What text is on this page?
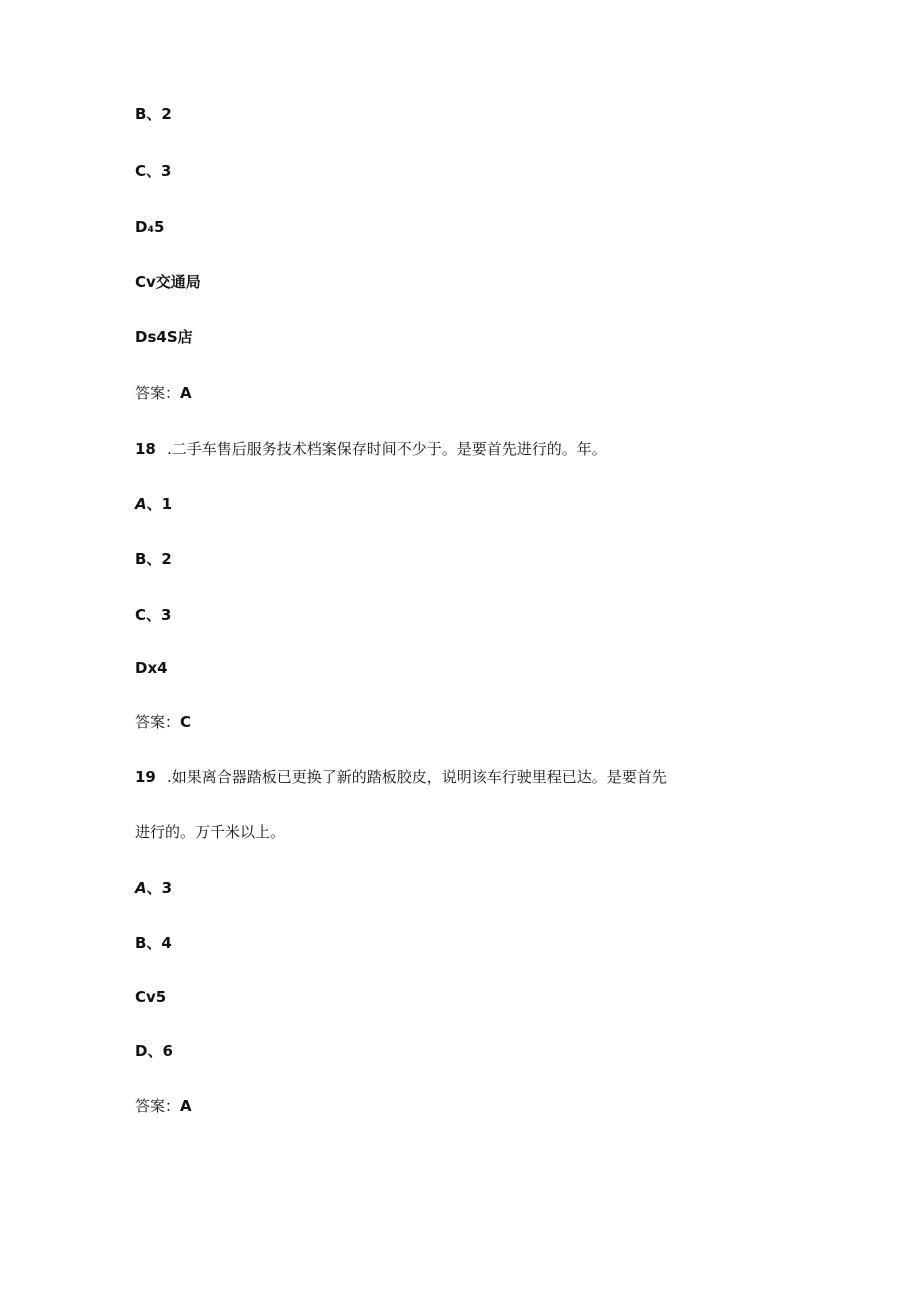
B、2
C、3
D₄5
Cv交通局
Ds4S店
答案：A
18 .二手车售后服务技术档案保存时间不少于。是要首先进行的。年。
A、1
B、2
C、3
Dx4
答案：C
19 .如果离合器踏板已更换了新的踏板胶皮，说明该车行驶里程已达。是要首先
进行的。万千米以上。
A、3
B、4
Cv5
D、6
答案：A
